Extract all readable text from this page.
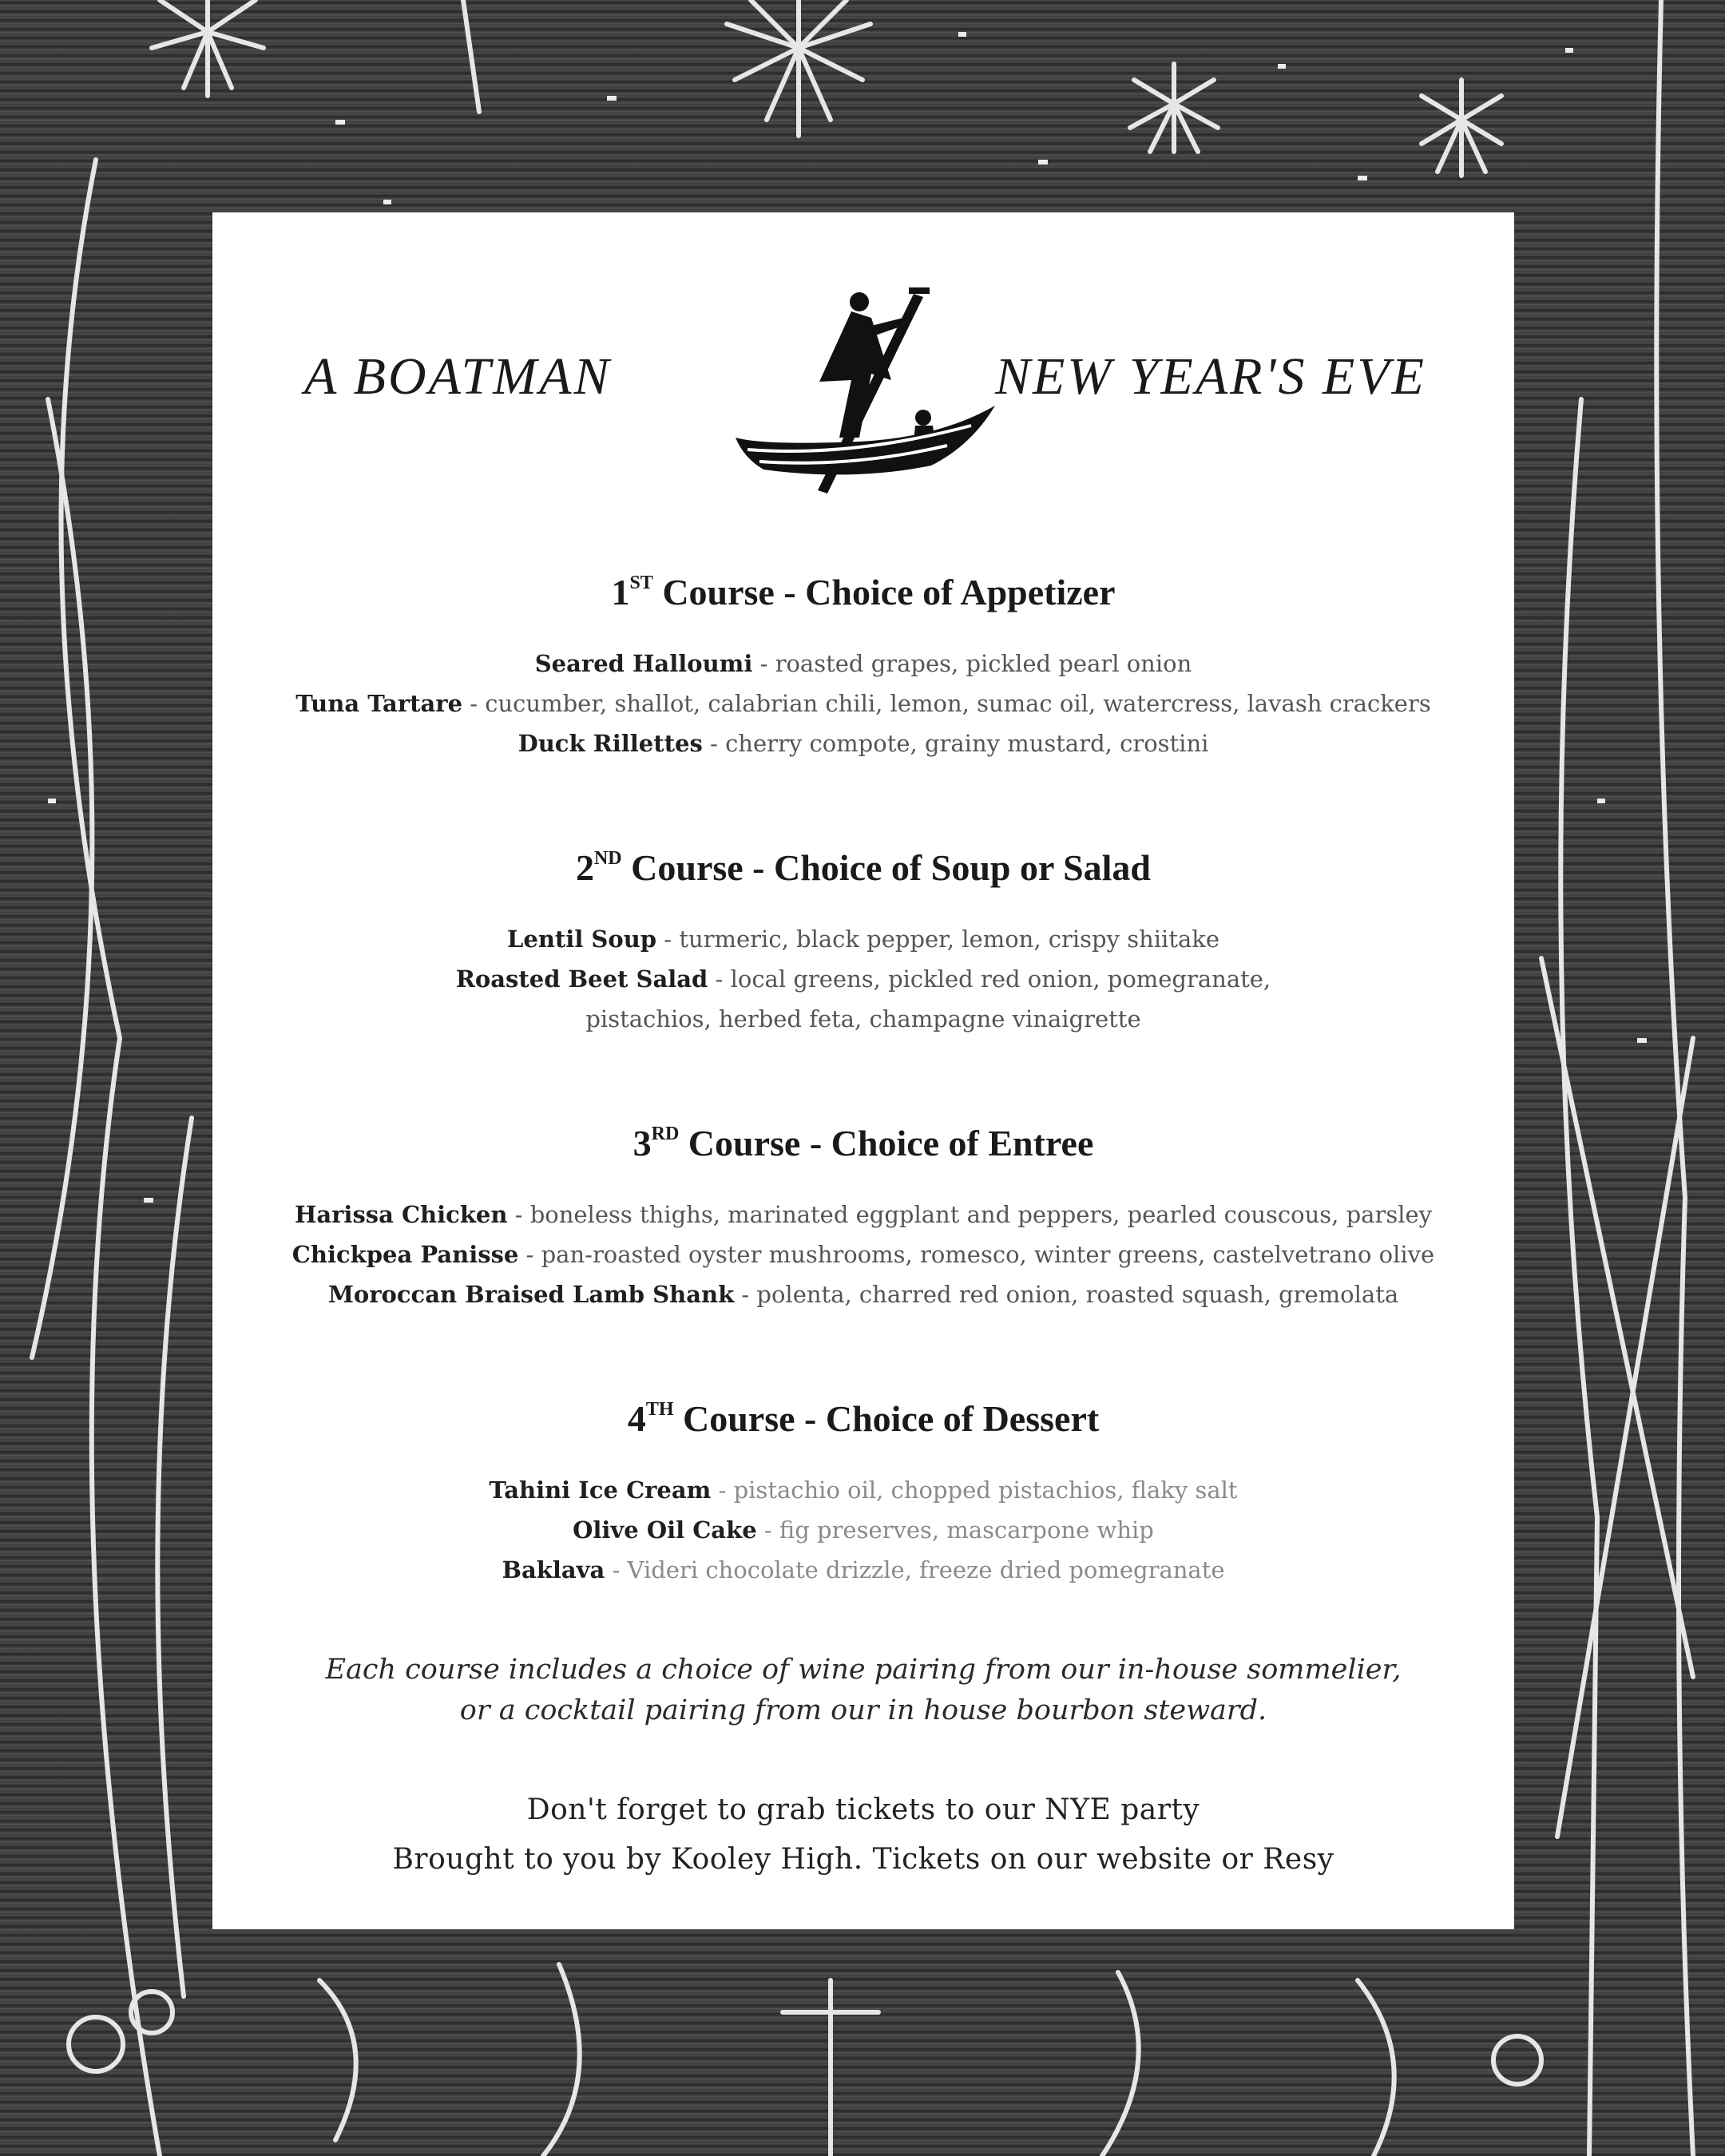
A BOATMAN	NEW YEAR'S EVE
1ST Course - Choice of Appetizer
Seared Halloumi - roasted grapes, pickled pearl onion
Tuna Tartare - cucumber, shallot, calabrian chili, lemon, sumac oil, watercress, lavash crackers
Duck Rillettes - cherry compote, grainy mustard, crostini
2ND Course - Choice of Soup or Salad
Lentil Soup - turmeric, black pepper, lemon, crispy shiitake
Roasted Beet Salad - local greens, pickled red onion, pomegranate,
pistachios, herbed feta, champagne vinaigrette
3RD Course - Choice of Entree
Harissa Chicken - boneless thighs, marinated eggplant and peppers, pearled couscous, parsley
Chickpea Panisse - pan-roasted oyster mushrooms, romesco, winter greens, castelvetrano olive
Moroccan Braised Lamb Shank - polenta, charred red onion, roasted squash, gremolata
4TH Course - Choice of Dessert
Tahini Ice Cream - pistachio oil, chopped pistachios, flaky salt
Olive Oil Cake - fig preserves, mascarpone whip
Baklava - Videri chocolate drizzle, freeze dried pomegranate
Each course includes a choice of wine pairing from our in-house sommelier,
or a cocktail pairing from our in house bourbon steward.
Don't forget to grab tickets to our NYE party
Brought to you by Kooley High. Tickets on our website or Resy
